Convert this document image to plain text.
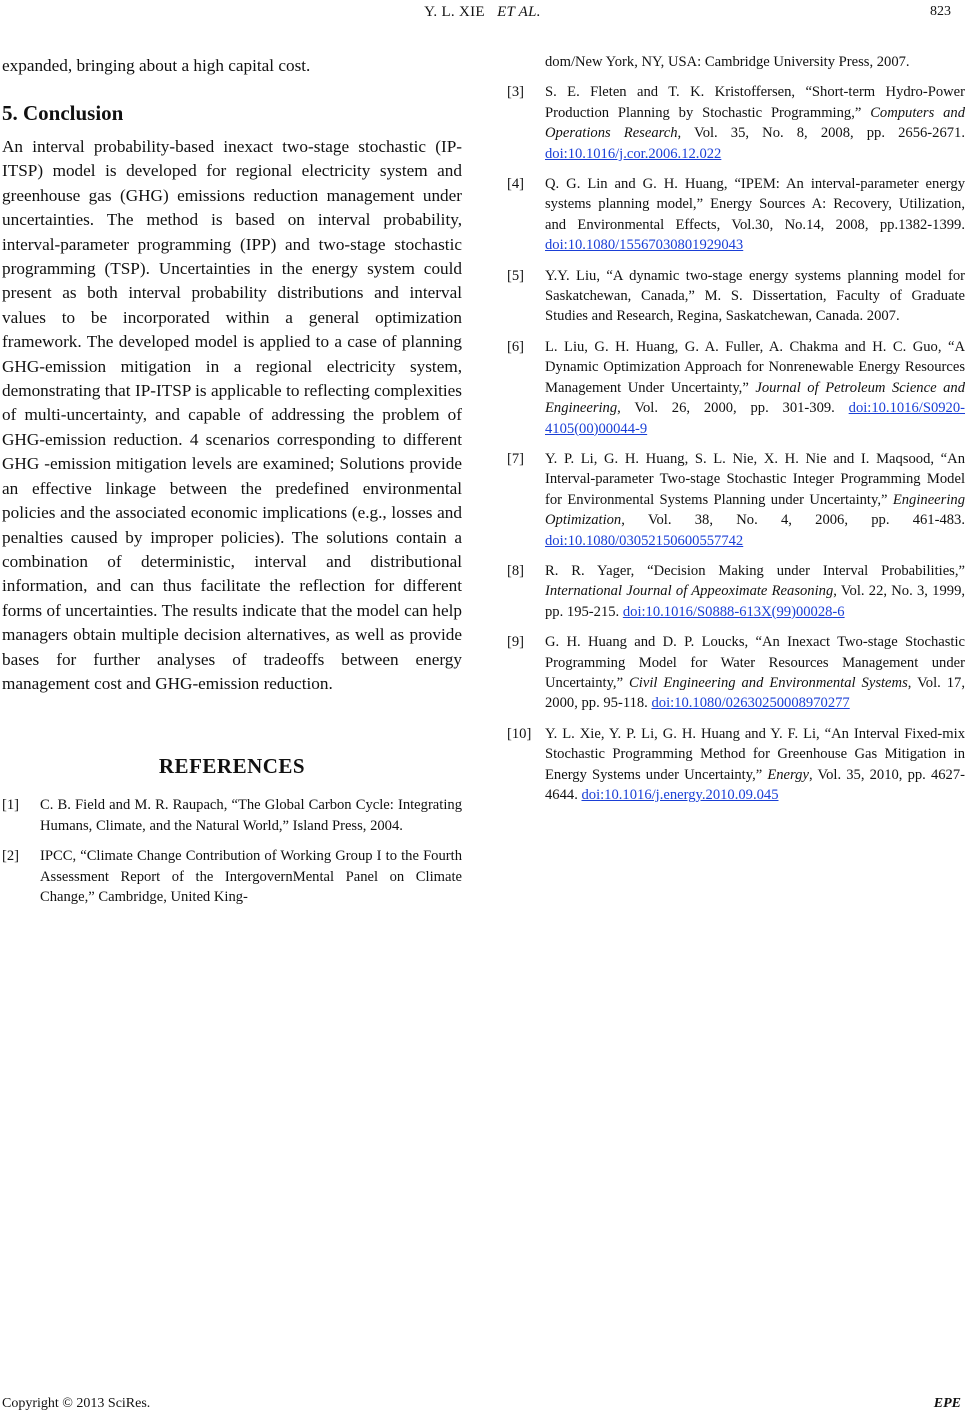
Y. L. XIE ET AL.	823

expanded, bringing about a high capital cost.

5. Conclusion

An interval probability-based inexact two-stage stochastic (IP-ITSP) model is developed for regional electricity system and greenhouse gas (GHG) emissions reduction management under uncertainties. The method is based on interval probability, interval-parameter programming (IPP) and two-stage stochastic programming (TSP). Uncertainties in the energy system could present as both interval probability distributions and interval values to be incorporated within a general optimization framework. The developed model is applied to a case of planning GHG-emission mitigation in a regional electricity system, demonstrating that IP-ITSP is applicable to reflecting complexities of multi-uncertainty, and capable of addressing the problem of GHG-emission reduction. 4 scenarios corresponding to different GHG -emission mitigation levels are examined; Solutions provide an effective linkage between the predefined environmental policies and the associated economic implications (e.g., losses and penalties caused by improper policies). The solutions contain a combination of deterministic, interval and distributional information, and can thus facilitate the reflection for different forms of uncertainties. The results indicate that the model can help managers obtain multiple decision alternatives, as well as provide bases for further analyses of tradeoffs between energy management cost and GHG-emission reduction.

REFERENCES
[1]	C. B. Field and M. R. Raupach, “The Global Carbon Cycle: Integrating Humans, Climate, and the Natural World,” Island Press, 2004.
[2]	IPCC, “Climate Change Contribution of Working Group I to the Fourth Assessment Report of the IntergovernMental Panel on Climate Change,” Cambridge, United King-
dom/New York, NY, USA: Cambridge University Press, 2007.
[3]	S. E. Fleten and T. K. Kristoffersen, “Short-term Hydro-Power Production Planning by Stochastic Programming,” Computers and Operations Research, Vol. 35, No. 8, 2008, pp. 2656-2671. doi:10.1016/j.cor.2006.12.022
[4]	Q. G. Lin and G. H. Huang, “IPEM: An interval-parameter energy systems planning model,” Energy Sources A: Recovery, Utilization, and Environmental Effects, Vol.30, No.14, 2008, pp.1382-1399. doi:10.1080/15567030801929043
[5]	Y.Y. Liu, “A dynamic two-stage energy systems planning model for Saskatchewan, Canada,” M. S. Dissertation, Faculty of Graduate Studies and Research, Regina, Saskatchewan, Canada. 2007.
[6]	L. Liu, G. H. Huang, G. A. Fuller, A. Chakma and H. C. Guo, “A Dynamic Optimization Approach for Nonrenewable Energy Resources Management Under Uncertainty,” Journal of Petroleum Science and Engineering, Vol. 26, 2000, pp. 301-309. doi:10.1016/S0920-4105(00)00044-9
[7]	Y. P. Li, G. H. Huang, S. L. Nie, X. H. Nie and I. Maqsood, “An Interval-parameter Two-stage Stochastic Integer Programming Model for Environmental Systems Planning under Uncertainty,” Engineering Optimization, Vol. 38, No. 4, 2006, pp. 461-483. doi:10.1080/03052150600557742
[8]	R. R. Yager, “Decision Making under Interval Probabilities,” International Journal of Appeoximate Reasoning, Vol. 22, No. 3, 1999, pp. 195-215. doi:10.1016/S0888-613X(99)00028-6
[9]	G. H. Huang and D. P. Loucks, “An Inexact Two-stage Stochastic Programming Model for Water Resources Management under Uncertainty,” Civil Engineering and Environmental Systems, Vol. 17, 2000, pp. 95-118. doi:10.1080/02630250008970277
[10] Y. L. Xie, Y. P. Li, G. H. Huang and Y. F. Li, “An Interval Fixed-mix Stochastic Programming Method for Greenhouse Gas Mitigation in Energy Systems under Uncertainty,” Energy, Vol. 35, 2010, pp. 4627-4644. doi:10.1016/j.energy.2010.09.045
Copyright © 2013 SciRes.	EPE
